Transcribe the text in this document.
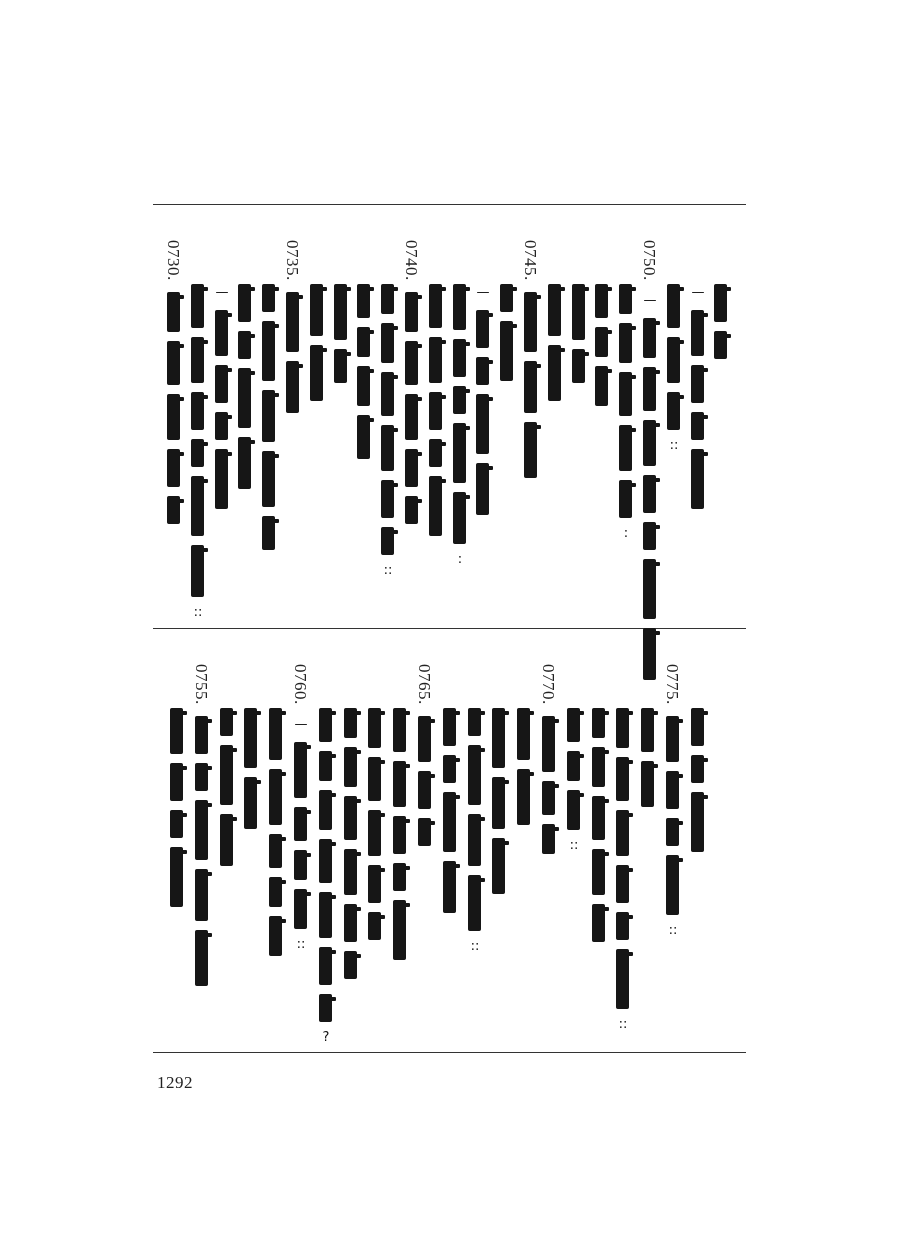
—
::
0750.
—
:
0745.
—
:
0740.
::
0735.
—
::
0730.
0775.
::
::
::
0770.
::
0765.
?
0760.
—
::
0755.
1292
